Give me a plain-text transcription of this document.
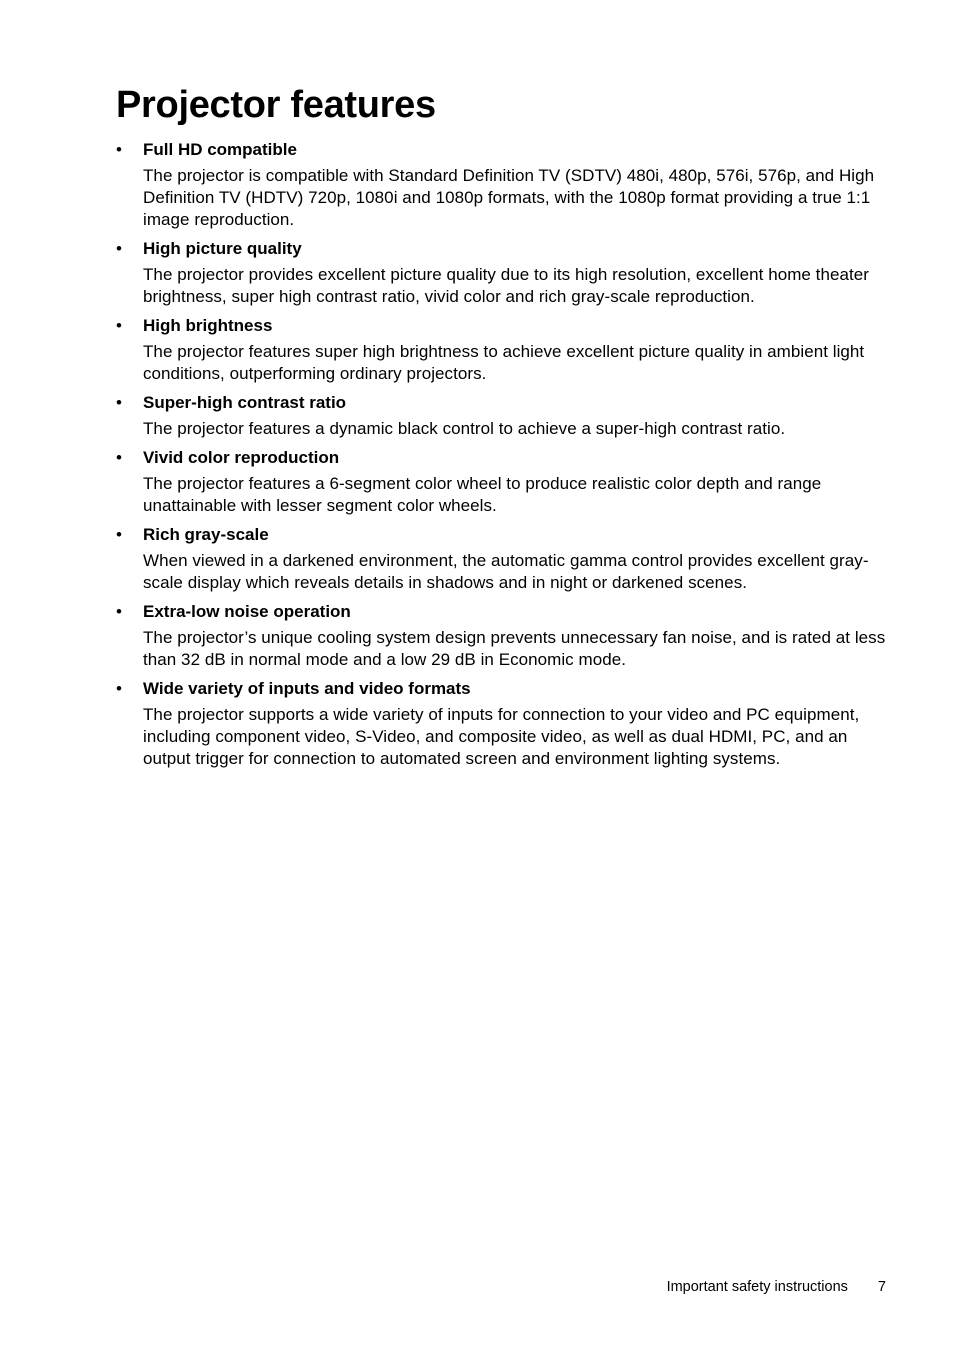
Projector features
• Full HD compatible

The projector is compatible with Standard Definition TV (SDTV) 480i, 480p, 576i, 576p, and High Definition TV (HDTV) 720p, 1080i and 1080p formats, with the 1080p format providing a true 1:1 image reproduction.

• High picture quality

The projector provides excellent picture quality due to its high resolution, excellent home theater brightness, super high contrast ratio, vivid color and rich gray-scale reproduction.

• High brightness

The projector features super high brightness to achieve excellent picture quality in ambient light conditions, outperforming ordinary projectors.

• Super-high contrast ratio

The projector features a dynamic black control to achieve a super-high contrast ratio.

• Vivid color reproduction

The projector features a 6-segment color wheel to produce realistic color depth and range unattainable with lesser segment color wheels.

• Rich gray-scale

When viewed in a darkened environment, the automatic gamma control provides excellent gray-scale display which reveals details in shadows and in night or darkened scenes.

• Extra-low noise operation

The projector’s unique cooling system design prevents unnecessary fan noise, and is rated at less than 32 dB in normal mode and a low 29 dB in Economic mode.

• Wide variety of inputs and video formats

The projector supports a wide variety of inputs for connection to your video and PC equipment, including component video, S-Video, and composite video, as well as dual HDMI, PC, and an output trigger for connection to automated screen and environment lighting systems.

Important safety instructions 7
